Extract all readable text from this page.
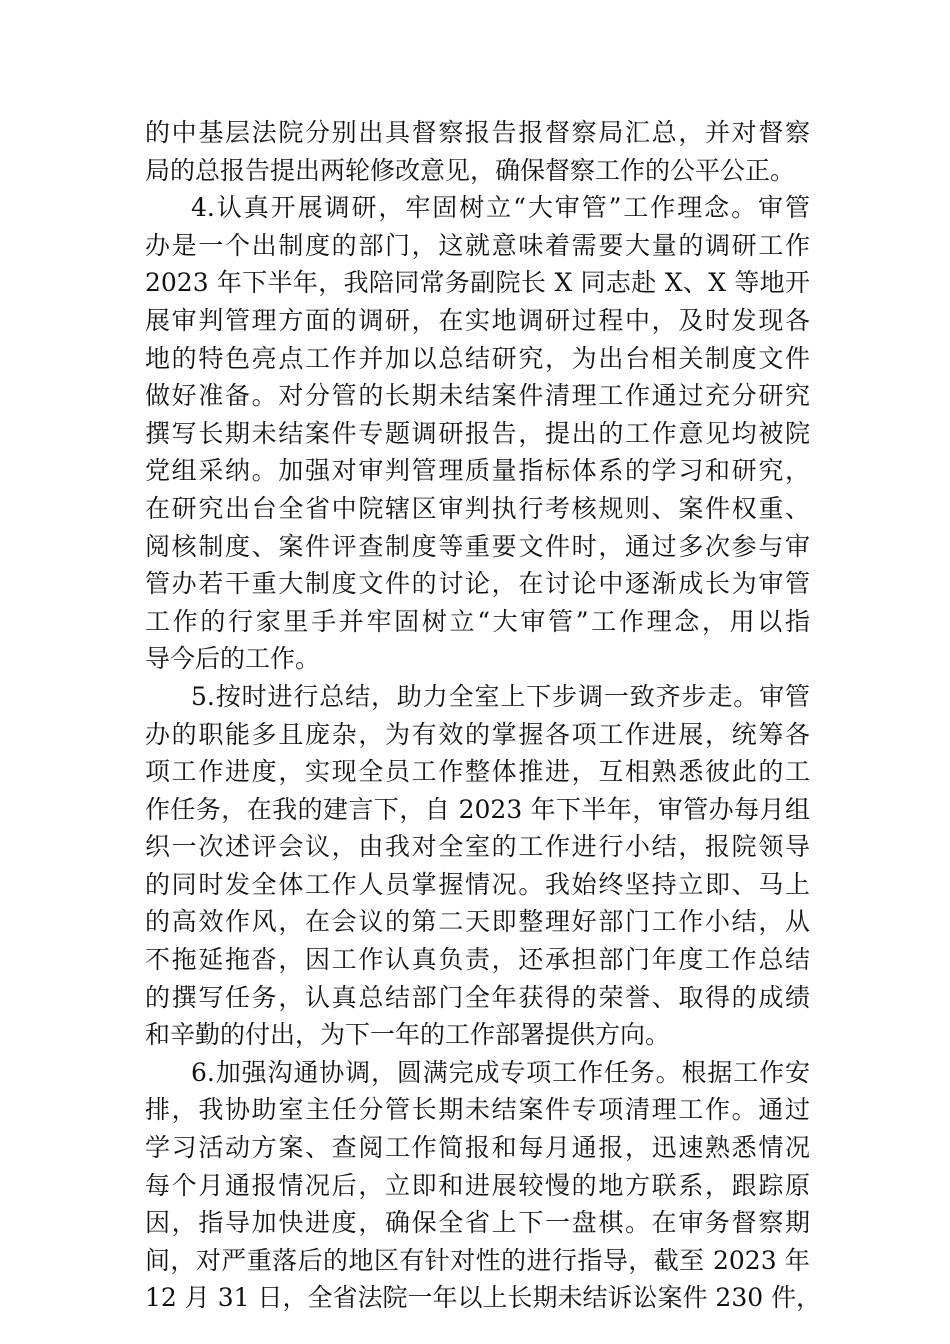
的中基层法院分别出具督察报告报督察局汇总，并对督察
局的总报告提出两轮修改意见，确保督察工作的公平公正。
4.认真开展调研，牢固树立“大审管”工作理念。审管
办是一个出制度的部门，这就意味着需要大量的调研工作
2023 年下半年，我陪同常务副院长 X 同志赴 X、X 等地开
展审判管理方面的调研，在实地调研过程中，及时发现各
地的特色亮点工作并加以总结研究，为出台相关制度文件
做好准备。对分管的长期未结案件清理工作通过充分研究
撰写长期未结案件专题调研报告，提出的工作意见均被院
党组采纳。加强对审判管理质量指标体系的学习和研究，
在研究出台全省中院辖区审判执行考核规则、案件权重、
阅核制度、案件评查制度等重要文件时，通过多次参与审
管办若干重大制度文件的讨论，在讨论中逐渐成长为审管
工作的行家里手并牢固树立“大审管”工作理念，用以指
导今后的工作。
5.按时进行总结，助力全室上下步调一致齐步走。审管
办的职能多且庞杂，为有效的掌握各项工作进展，统筹各
项工作进度，实现全员工作整体推进，互相熟悉彼此的工
作任务，在我的建言下，自 2023 年下半年，审管办每月组
织一次述评会议，由我对全室的工作进行小结，报院领导
的同时发全体工作人员掌握情况。我始终坚持立即、马上
的高效作风，在会议的第二天即整理好部门工作小结，从
不拖延拖沓，因工作认真负责，还承担部门年度工作总结
的撰写任务，认真总结部门全年获得的荣誉、取得的成绩
和辛勤的付出，为下一年的工作部署提供方向。
6.加强沟通协调，圆满完成专项工作任务。根据工作安
排，我协助室主任分管长期未结案件专项清理工作。通过
学习活动方案、查阅工作简报和每月通报，迅速熟悉情况
每个月通报情况后，立即和进展较慢的地方联系，跟踪原
因，指导加快进度，确保全省上下一盘棋。在审务督察期
间，对严重落后的地区有针对性的进行指导，截至 2023 年
12 月 31 日，全省法院一年以上长期未结诉讼案件 230 件，
